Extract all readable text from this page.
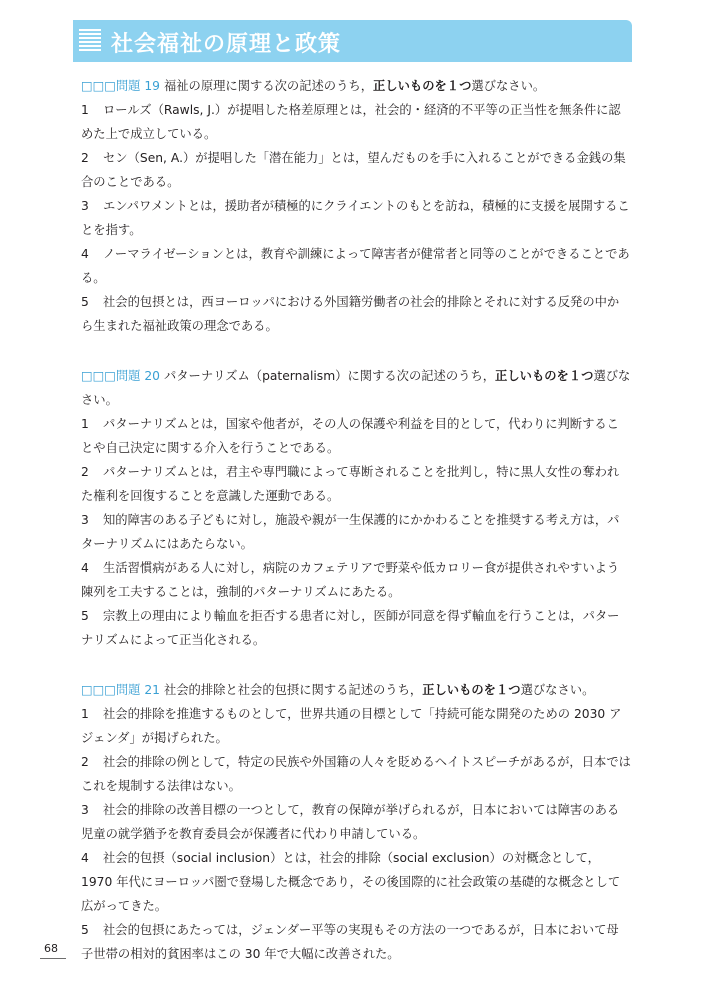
社会福祉の原理と政策
□□□問題 19 福祉の原理に関する次の記述のうち，正しいものを１つ選びなさい。
1 ロールズ（Rawls, J.）が提唱した格差原理とは，社会的・経済的不平等の正当性を無条件に認めた上で成立している。
2 セン（Sen, A.）が提唱した「潜在能力」とは，望んだものを手に入れることができる金銭の集合のことである。
3 エンパワメントとは，援助者が積極的にクライエントのもとを訪ね，積極的に支援を展開することを指す。
4 ノーマライゼーションとは，教育や訓練によって障害者が健常者と同等のことができることである。
5 社会的包摂とは，西ヨーロッパにおける外国籍労働者の社会的排除とそれに対する反発の中から生まれた福祉政策の理念である。
□□□問題 20 パターナリズム（paternalism）に関する次の記述のうち，正しいものを１つ選びなさい。
1 パターナリズムとは，国家や他者が，その人の保護や利益を目的として，代わりに判断することや自己決定に関する介入を行うことである。
2 パターナリズムとは，君主や専門職によって専断されることを批判し，特に黒人女性の奪われた権利を回復することを意識した運動である。
3 知的障害のある子どもに対し，施設や親が一生保護的にかかわることを推奨する考え方は，パターナリズムにはあたらない。
4 生活習慣病がある人に対し，病院のカフェテリアで野菜や低カロリー食が提供されやすいよう陳列を工夫することは，強制的パターナリズムにあたる。
5 宗教上の理由により輸血を拒否する患者に対し，医師が同意を得ず輸血を行うことは，パターナリズムによって正当化される。
□□□問題 21 社会的排除と社会的包摂に関する記述のうち，正しいものを１つ選びなさい。
1 社会的排除を推進するものとして，世界共通の目標として「持続可能な開発のための 2030 アジェンダ」が掲げられた。
2 社会的排除の例として，特定の民族や外国籍の人々を貶めるヘイトスピーチがあるが，日本ではこれを規制する法律はない。
3 社会的排除の改善目標の一つとして，教育の保障が挙げられるが，日本においては障害のある児童の就学猶予を教育委員会が保護者に代わり申請している。
4 社会的包摂（social inclusion）とは，社会的排除（social exclusion）の対概念として，1970 年代にヨーロッパ圏で登場した概念であり，その後国際的に社会政策の基礎的な概念として広がってきた。
5 社会的包摂にあたっては，ジェンダー平等の実現もその方法の一つであるが，日本において母子世帯の相対的貧困率はこの 30 年で大幅に改善された。
68
